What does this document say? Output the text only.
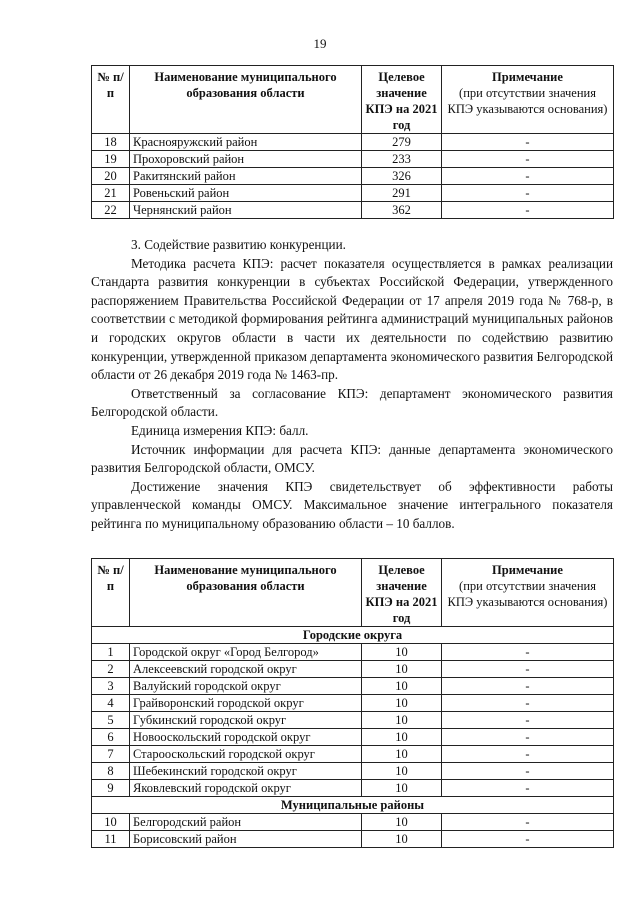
19
№ п/п	Наименование муниципального образования области	Целевое значение КПЭ на 2021 год	Примечание
(при отсутствии значения КПЭ указываются основания)

18	Краснояружский район	279	-
19	Прохоровский район	233	-
20	Ракитянский район	326	-
21	Ровеньский район	291	-
22	Чернянский район	362	-

3. Содействие развитию конкуренции.

Методика расчета КПЭ: расчет показателя осуществляется в рамках реализации Стандарта развития конкуренции в субъектах Российской Федерации, утвержденного распоряжением Правительства Российской Федерации от 17 апреля 2019 года № 768-р, в соответствии с методикой формирования рейтинга администраций муниципальных районов и городских округов области в части их деятельности по содействию развитию конкуренции, утвержденной приказом департамента экономического развития Белгородской области от 26 декабря 2019 года № 1463-пр.

Ответственный за согласование КПЭ: департамент экономического развития Белгородской области.

Единица измерения КПЭ: балл.

Источник информации для расчета КПЭ: данные департамента экономического развития Белгородской области, ОМСУ.

Достижение значения КПЭ свидетельствует об эффективности работы управленческой команды ОМСУ. Максимальное значение интегрального показателя рейтинга по муниципальному образованию области – 10 баллов.

№ п/п	Наименование муниципального образования области	Целевое значение КПЭ на 2021 год	Примечание
(при отсутствии значения КПЭ указываются основания)

Городские округа			
1	Городской округ «Город Белгород»	10	-
2	Алексеевский городской округ	10	-
3	Валуйский городской округ	10	-
4	Грайворонский городской округ	10	-
5	Губкинский городской округ	10	-
6	Новооскольский городской округ	10	-
7	Старооскольский городской округ	10	-
8	Шебекинский городской округ	10	-
9	Яковлевский городской округ	10	-
Муниципальные районы			
10	Белгородский район	10	-
11	Борисовский район	10	-
